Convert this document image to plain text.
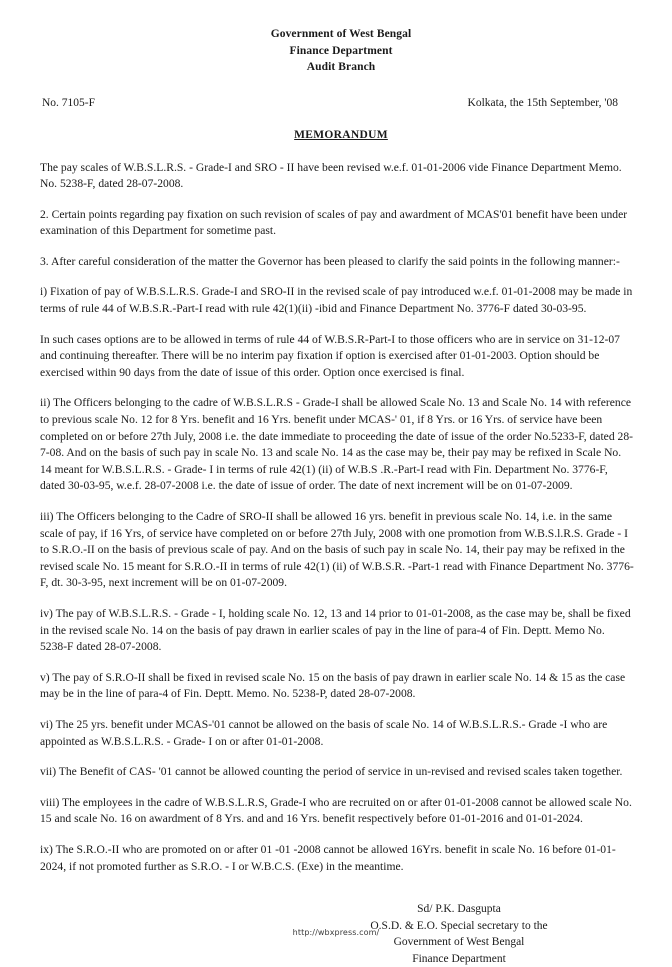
Government of West Bengal
Finance Department
Audit Branch
No. 7105-F	Kolkata, the 15th September, '08
MEMORANDUM

The pay scales of W.B.S.L.R.S. - Grade-I and SRO - II have been revised w.e.f. 01-01-2006 vide Finance Department Memo. No. 5238-F, dated 28-07-2008.

2. Certain points regarding pay fixation on such revision of scales of pay and awardment of MCAS'01 benefit have been under examination of this Department for sometime past.

3. After careful consideration of the matter the Governor has been pleased to clarify the said points in the following manner:-

i) Fixation of pay of W.B.S.L.R.S. Grade-I and SRO-II in the revised scale of pay introduced w.e.f. 01-01-2008 may be made in terms of rule 44 of W.B.S.R.-Part-I read with rule 42(1)(ii) -ibid and Finance Department No. 3776-F dated 30-03-95.

In such cases options are to be allowed in terms of rule 44 of W.B.S.R-Part-I to those officers who are in service on 31-12-07 and continuing thereafter. There will be no interim pay fixation if option is exercised after 01-01-2003. Option should be exercised within 90 days from the date of issue of this order. Option once exercised is final.

ii) The Officers belonging to the cadre of W.B.S.L.R.S - Grade-I shall be allowed Scale No. 13 and Scale No. 14 with reference to previous scale No. 12 for 8 Yrs. benefit and 16 Yrs. benefit under MCAS-' 01, if 8 Yrs. or 16 Yrs. of service have been completed on or before 27th July, 2008 i.e. the date immediate to proceeding the date of issue of the order No.5233-F, dated 28-7-08. And on the basis of such pay in scale No. 13 and scale No. 14 as the case may be, their pay may be refixed in Scale No. 14 meant for W.B.S.L.R.S. - Grade- I in terms of rule 42(1) (ii) of W.B.S .R.-Part-I read with Fin. Department No. 3776-F, dated 30-03-95, w.e.f. 28-07-2008 i.e. the date of issue of order. The date of next increment will be on 01-07-2009.

iii) The Officers belonging to the Cadre of SRO-II shall be allowed 16 yrs. benefit in previous scale No. 14, i.e. in the same scale of pay, if 16 Yrs, of service have completed on or before 27th July, 2008 with one promotion from W.B.S.l.R.S. Grade - I to S.R.O.-II on the basis of previous scale of pay. And on the basis of such pay in scale No. 14, their pay may be refixed in the revised scale No. 15 meant for S.R.O.-II in terms of rule 42(1) (ii) of W.B.S.R. -Part-1 read with Finance Department No. 3776-F, dt. 30-3-95, next increment will be on 01-07-2009.

iv) The pay of W.B.S.L.R.S. - Grade - I, holding scale No. 12, 13 and 14 prior to 01-01-2008, as the case may be, shall be fixed in the revised scale No. 14 on the basis of pay drawn in earlier scales of pay in the line of para-4 of Fin. Deptt. Memo No. 5238-F dated 28-07-2008.

v) The pay of S.R.O-II shall be fixed in revised scale No. 15 on the basis of pay drawn in earlier scale No. 14 & 15 as the case may be in the line of para-4 of Fin. Deptt. Memo. No. 5238-P, dated 28-07-2008.

vi) The 25 yrs. benefit under MCAS-'01 cannot be allowed on the basis of scale No. 14 of W.B.S.L.R.S.- Grade -I who are appointed as W.B.S.L.R.S. - Grade- I on or after 01-01-2008.

vii) The Benefit of CAS- '01 cannot be allowed counting the period of service in un-revised and revised scales taken together.

viii) The employees in the cadre of W.B.S.L.R.S, Grade-I who are recruited on or after 01-01-2008 cannot be allowed scale No. 15 and scale No. 16 on awardment of 8 Yrs. and and 16 Yrs. benefit respectively before 01-01-2016 and 01-01-2024.

ix) The S.R.O.-II who are promoted on or after 01 -01 -2008 cannot be allowed 16Yrs. benefit in scale No. 16 before 01-01-2024, if not promoted further as S.R.O. - I or W.B.C.S. (Exe) in the meantime.

Sd/ P.K. Dasgupta
O.S.D. & E.O. Special secretary to the
Government of West Bengal
Finance Department
http://wbxpress.com/
